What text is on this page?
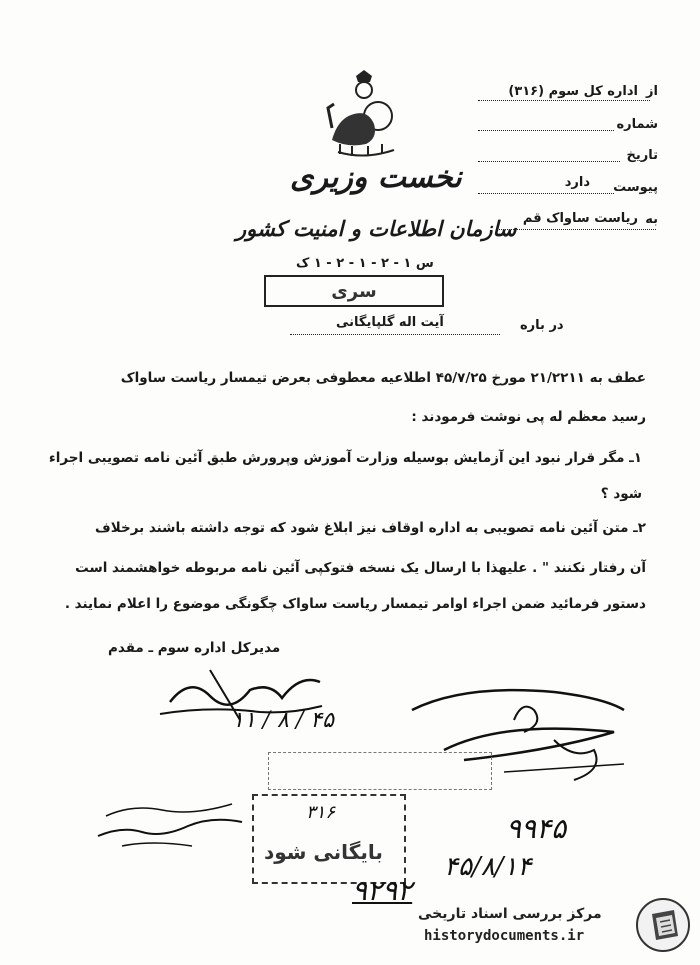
از
اداره کل سوم (۳۱۶)
شماره
تاریخ
پیوست
دارد
به
ریاست ساواک قم
نخست وزیری
سازمان اطلاعات و امنیت کشور
س ۱ - ۲ - ۱ - ۲ - ۱ ک
سری
در باره
آیت اله گلپایگانی
عطف به ۲۱/۲۲۱۱ مورخ ۴۵/۷/۲۵ اطلاعیه معطوفی بعرض تیمسار ریاست ساواک
رسید معظم له پی نوشت فرمودند :
۱ـ مگر قرار نبود این آزمایش بوسیله وزارت آموزش وپرورش طبق آئین نامه تصویبی اجراء
شود ؟
۲ـ متن آئین نامه تصویبی به اداره اوقاف نیز ابلاغ شود که توجه داشته باشند برخلاف
آن رفتار نکنند " . علیهذا با ارسال یک نسخه فتوکپی آئین نامه مربوطه خواهشمند است
دستور فرمائید ضمن اجراء اوامر تیمسار ریاست ساواک چگونگی موضوع را اعلام نمایند .
مدیرکل اداره سوم ـ مقدم
۱۱ / ۸ / ۴۵
۳۱۶
بایگانی شود
۹۹۴۵
۴۵/۸/۱۴
۹۲۹۲
مرکز بررسی اسناد تاریخی
historydocuments.ir
